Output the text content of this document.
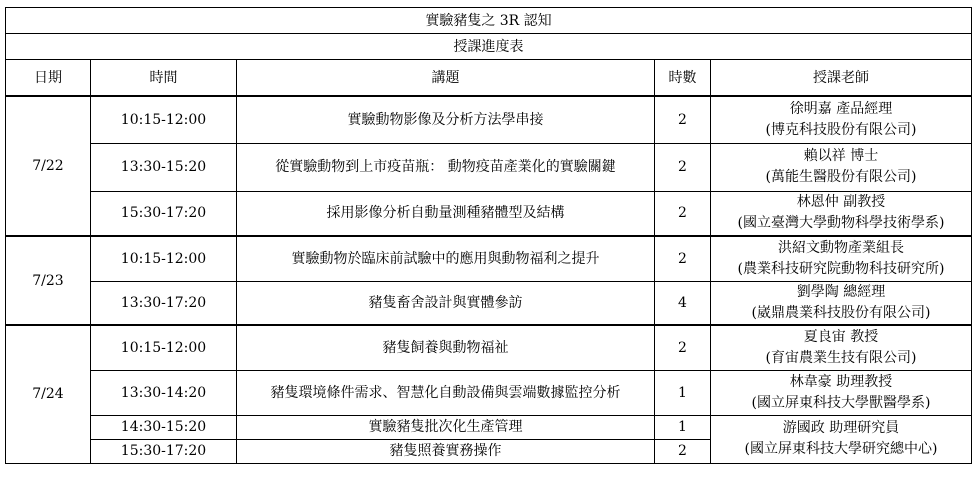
實驗豬隻之 3R 認知				
授課進度表				
日期	時間	講題	時數	授課老師
7/22	10:15-12:00	實驗動物影像及分析方法學串接	2	徐明嘉 產品經理
(博克科技股份有限公司)

	13:30-15:20	從實驗動物到上市疫苗瓶： 動物疫苗產業化的實驗關鍵	2	賴以祥 博士
(萬能生醫股份有限公司)

	15:30-17:20	採用影像分析自動量測種豬體型及結構	2	林恩仲 副教授
(國立臺灣大學動物科學技術學系)

7/23	10:15-12:00	實驗動物於臨床前試驗中的應用與動物福利之提升	2	洪紹文動物產業組長
(農業科技研究院動物科技研究所)

	13:30-17:20	豬隻畜舍設計與實體參訪	4	劉學陶 總經理
(崴鼎農業科技股份有限公司)

7/24	10:15-12:00	豬隻飼養與動物福祉	2	夏良宙 教授
(育宙農業生技有限公司)

	13:30-14:20	豬隻環境條件需求、智慧化自動設備與雲端數據監控分析	1	林韋豪 助理教授
(國立屏東科技大學獸醫學系)

	14:30-15:20	實驗豬隻批次化生產管理	1	游國政 助理研究員
(國立屏東科技大學研究總中心)

	15:30-17:20	豬隻照養實務操作	2	
